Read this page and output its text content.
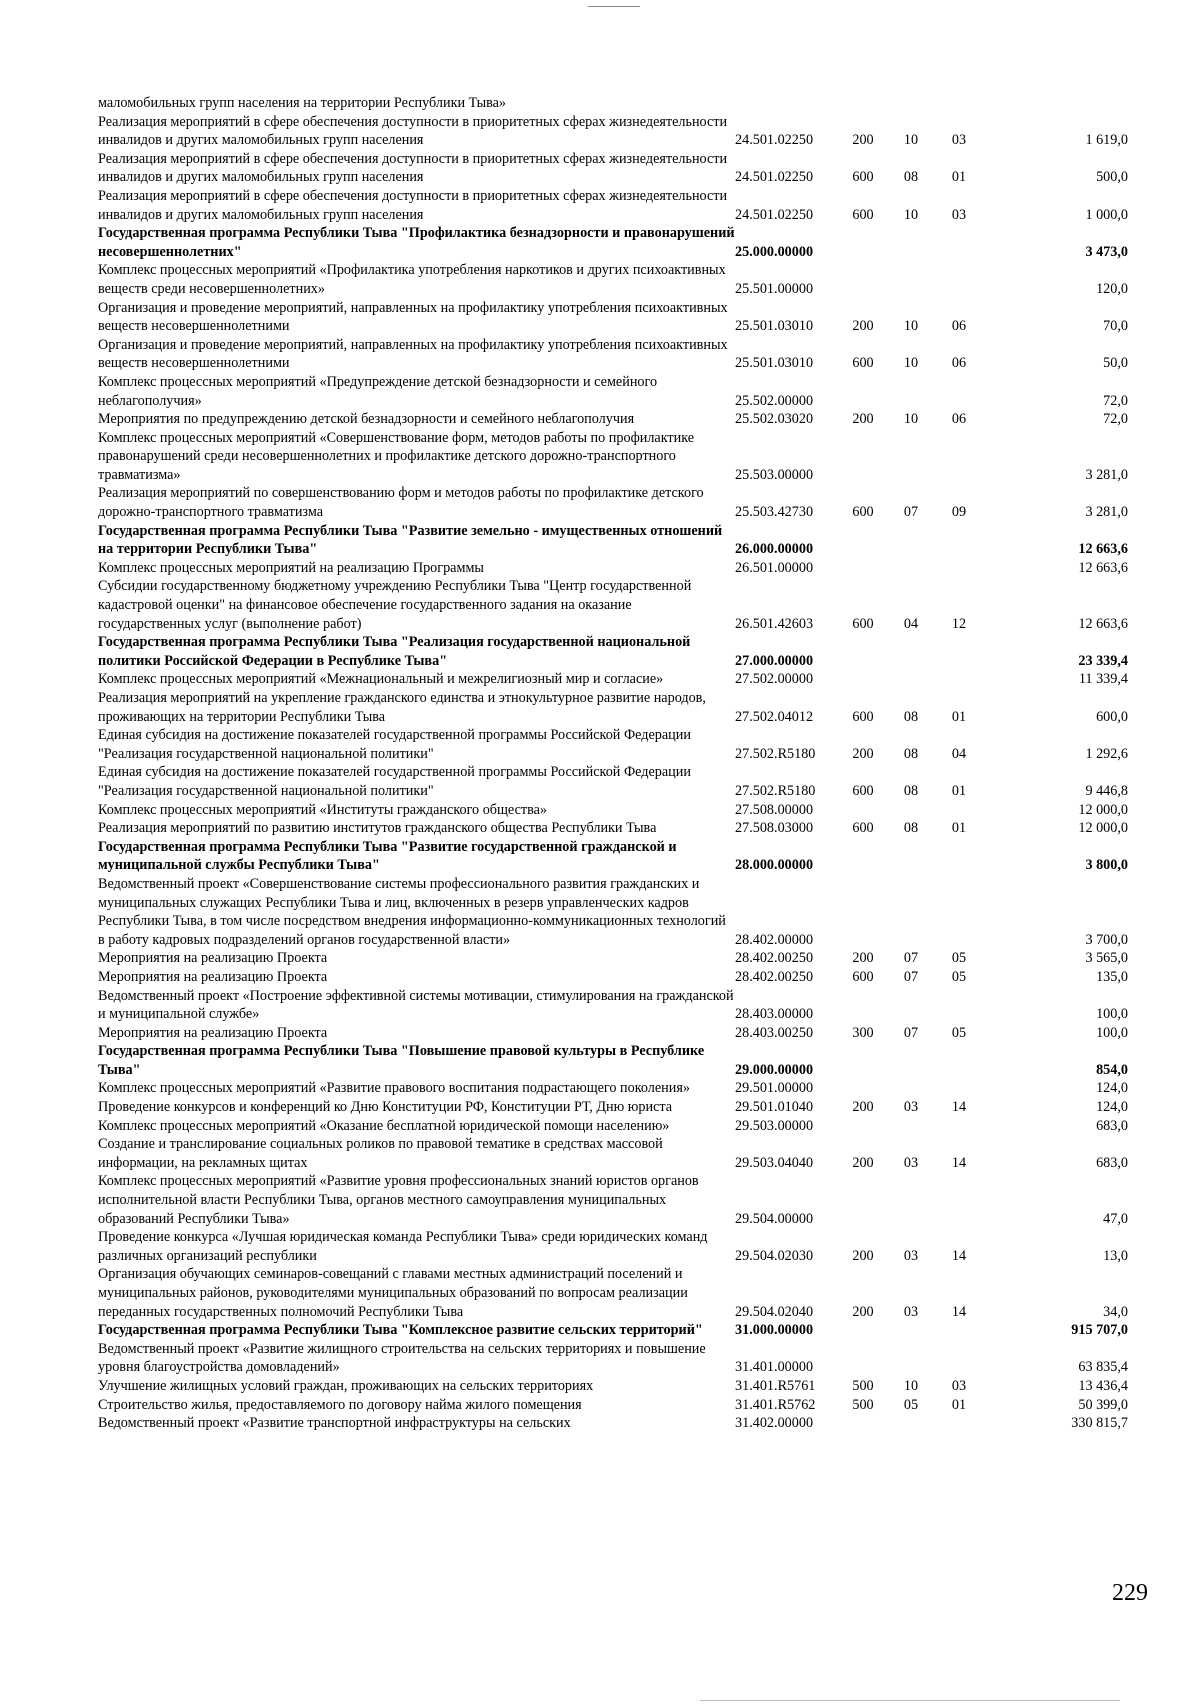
маломобильных групп населения на территории Республики Тыва»					
Реализация мероприятий в сфере обеспечения доступности в приоритетных сферах жизнедеятельности инвалидов и других маломобильных групп населения	24.501.02250	200	10	03	1 619,0
Реализация мероприятий в сфере обеспечения доступности в приоритетных сферах жизнедеятельности инвалидов и других маломобильных групп населения	24.501.02250	600	08	01	500,0
Реализация мероприятий в сфере обеспечения доступности в приоритетных сферах жизнедеятельности инвалидов и других маломобильных групп населения	24.501.02250	600	10	03	1 000,0
Государственная программа Республики Тыва "Профилактика безнадзорности и правонарушений несовершеннолетних"	25.000.00000				3 473,0
Комплекс процессных мероприятий «Профилактика употребления наркотиков и других психоактивных веществ среди несовершеннолетних»	25.501.00000				120,0
Организация и проведение мероприятий, направленных на профилактику употребления психоактивных веществ несовершеннолетними	25.501.03010	200	10	06	70,0
Организация и проведение мероприятий, направленных на профилактику употребления психоактивных веществ несовершеннолетними	25.501.03010	600	10	06	50,0
Комплекс процессных мероприятий «Предупреждение детской безнадзорности и семейного неблагополучия»	25.502.00000				72,0
Мероприятия по предупреждению детской безнадзорности и семейного неблагополучия	25.502.03020	200	10	06	72,0
Комплекс процессных мероприятий «Совершенствование форм, методов работы по профилактике правонарушений среди несовершеннолетних и профилактике детского дорожно-транспортного травматизма»	25.503.00000				3 281,0
Реализация мероприятий по совершенствованию форм и методов работы по профилактике детского дорожно-транспортного травматизма	25.503.42730	600	07	09	3 281,0
Государственная программа Республики Тыва "Развитие земельно - имущественных отношений на территории Республики Тыва"	26.000.00000				12 663,6
Комплекс процессных мероприятий на реализацию Программы	26.501.00000				12 663,6
Субсидии государственному бюджетному учреждению Республики Тыва "Центр государственной кадастровой оценки" на финансовое обеспечение государственного задания на оказание государственных услуг (выполнение работ)	26.501.42603	600	04	12	12 663,6
Государственная программа Республики Тыва "Реализация государственной национальной политики Российской Федерации в Республике Тыва"	27.000.00000				23 339,4
Комплекс процессных мероприятий «Межнациональный и межрелигиозный мир и согласие»	27.502.00000				11 339,4
Реализация мероприятий на укрепление гражданского единства и этнокультурное развитие народов, проживающих на территории Республики Тыва	27.502.04012	600	08	01	600,0
Единая субсидия на достижение показателей государственной программы Российской Федерации "Реализация государственной национальной политики"	27.502.R5180	200	08	04	1 292,6
Единая субсидия на достижение показателей государственной программы Российской Федерации "Реализация государственной национальной политики"	27.502.R5180	600	08	01	9 446,8
Комплекс процессных мероприятий «Институты гражданского общества»	27.508.00000				12 000,0
Реализация мероприятий по развитию институтов гражданского общества Республики Тыва	27.508.03000	600	08	01	12 000,0
Государственная программа Республики Тыва "Развитие государственной гражданской и муниципальной службы Республики Тыва"	28.000.00000				3 800,0
Ведомственный проект «Совершенствование системы профессионального развития гражданских и муниципальных служащих Республики Тыва и лиц, включенных в резерв управленческих кадров Республики Тыва, в том числе посредством внедрения информационно-коммуникационных технологий в работу кадровых подразделений органов государственной власти»	28.402.00000				3 700,0
Мероприятия на реализацию Проекта	28.402.00250	200	07	05	3 565,0
Мероприятия на реализацию Проекта	28.402.00250	600	07	05	135,0
Ведомственный проект «Построение эффективной системы мотивации, стимулирования на гражданской и муниципальной службе»	28.403.00000				100,0
Мероприятия на реализацию Проекта	28.403.00250	300	07	05	100,0
Государственная программа Республики Тыва "Повышение правовой культуры в Республике Тыва"	29.000.00000				854,0
Комплекс процессных мероприятий «Развитие правового воспитания подрастающего поколения»	29.501.00000				124,0
Проведение конкурсов и конференций ко Дню Конституции РФ, Конституции РТ, Дню юриста	29.501.01040	200	03	14	124,0
Комплекс процессных мероприятий «Оказание бесплатной юридической помощи населению»	29.503.00000				683,0
Создание и транслирование социальных роликов по правовой тематике в средствах массовой информации, на рекламных щитах	29.503.04040	200	03	14	683,0
Комплекс процессных мероприятий «Развитие уровня профессиональных знаний юристов органов исполнительной власти Республики Тыва, органов местного самоуправления муниципальных образований Республики Тыва»	29.504.00000				47,0
Проведение конкурса «Лучшая юридическая команда Республики Тыва» среди юридических команд различных организаций республики	29.504.02030	200	03	14	13,0
Организация обучающих семинаров-совещаний с главами местных администраций поселений и муниципальных районов, руководителями муниципальных образований по вопросам реализации переданных государственных полномочий Республики Тыва	29.504.02040	200	03	14	34,0
Государственная программа Республики Тыва "Комплексное развитие сельских территорий"	31.000.00000				915 707,0
Ведомственный проект «Развитие жилищного строительства на сельских территориях и повышение уровня благоустройства домовладений»	31.401.00000				63 835,4
Улучшение жилищных условий граждан, проживающих на сельских территориях	31.401.R5761	500	10	03	13 436,4
Строительство жилья, предоставляемого по договору найма жилого помещения	31.401.R5762	500	05	01	50 399,0
Ведомственный проект «Развитие транспортной инфраструктуры на сельских	31.402.00000				330 815,7
229
